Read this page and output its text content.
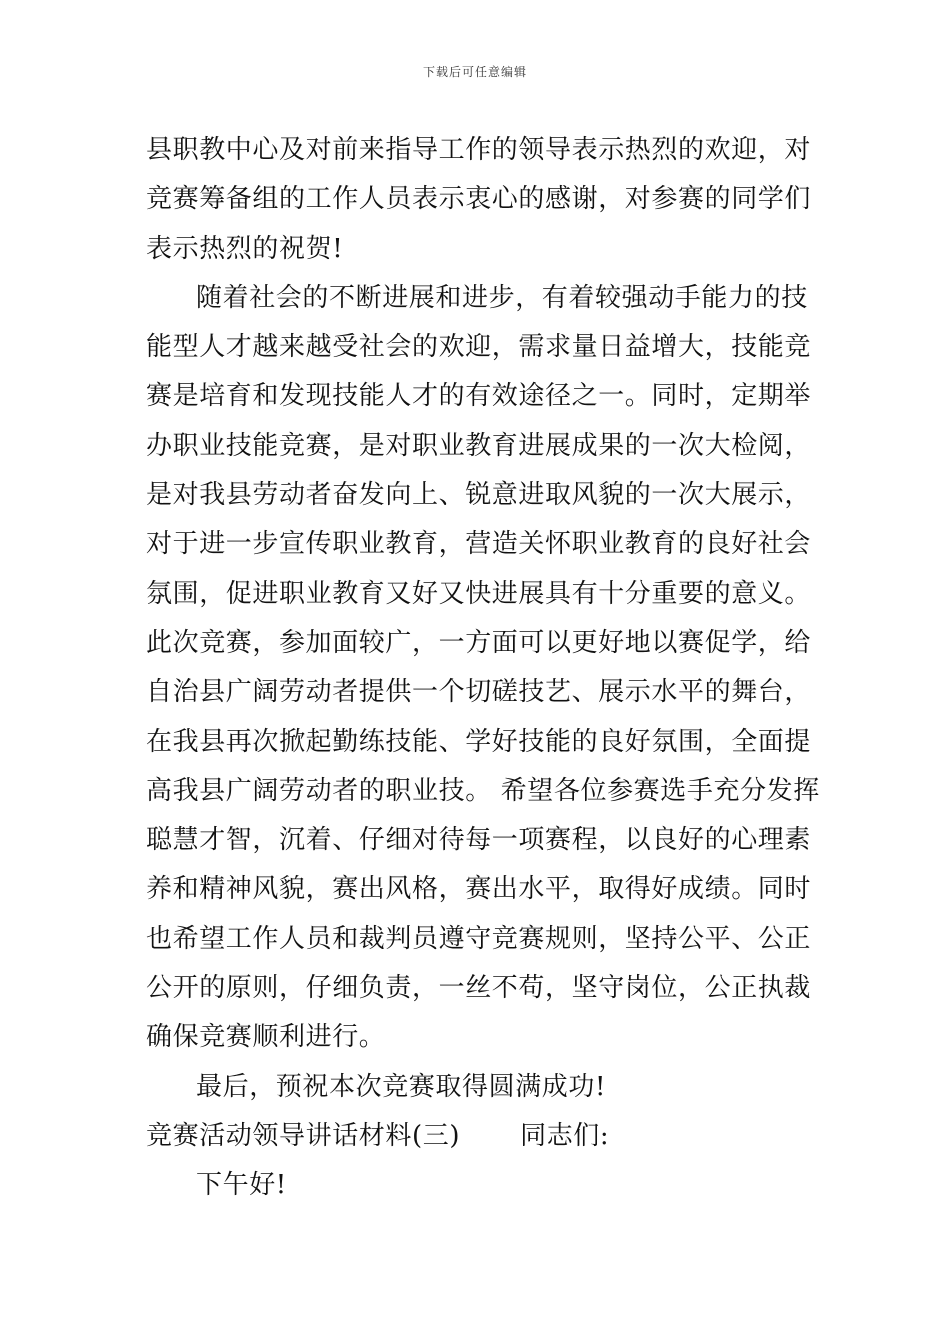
下载后可任意编辑
县职教中心及对前来指导工作的领导表示热烈的欢迎，对
竞赛筹备组的工作人员表示衷心的感谢，对参赛的同学们
表示热烈的祝贺!
随着社会的不断进展和进步，有着较强动手能力的技
能型人才越来越受社会的欢迎，需求量日益增大，技能竞
赛是培育和发现技能人才的有效途径之一。同时，定期举
办职业技能竞赛，是对职业教育进展成果的一次大检阅，
是对我县劳动者奋发向上、锐意进取风貌的一次大展示，
对于进一步宣传职业教育，营造关怀职业教育的良好社会
氛围，促进职业教育又好又快进展具有十分重要的意义。
此次竞赛，参加面较广，一方面可以更好地以赛促学，给
自治县广阔劳动者提供一个切磋技艺、展示水平的舞台，
在我县再次掀起勤练技能、学好技能的良好氛围，全面提
高我县广阔劳动者的职业技。 希望各位参赛选手充分发挥
聪慧才智，沉着、仔细对待每一项赛程，以良好的心理素
养和精神风貌，赛出风格，赛出水平，取得好成绩。同时
也希望工作人员和裁判员遵守竞赛规则，坚持公平、公正
公开的原则，仔细负责，一丝不苟，坚守岗位，公正执裁
确保竞赛顺利进行。
最后，预祝本次竞赛取得圆满成功!
竞赛活动领导讲话材料(三) 同志们:
下午好!
